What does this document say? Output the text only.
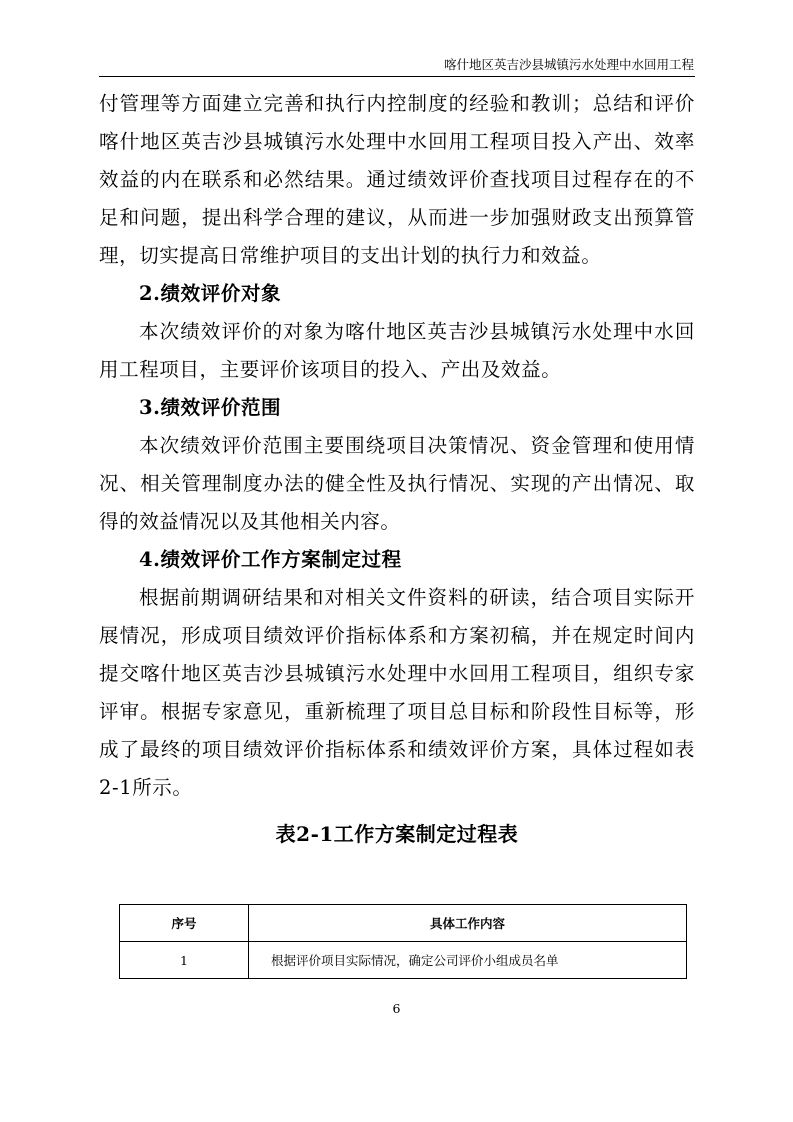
喀什地区英吉沙县城镇污水处理中水回用工程

付管理等方面建立完善和执行内控制度的经验和教训；总结和评价喀什地区英吉沙县城镇污水处理中水回用工程项目投入产出、效率效益的内在联系和必然结果。通过绩效评价查找项目过程存在的不足和问题，提出科学合理的建议，从而进一步加强财政支出预算管理，切实提高日常维护项目的支出计划的执行力和效益。

2.绩效评价对象

本次绩效评价的对象为喀什地区英吉沙县城镇污水处理中水回用工程项目，主要评价该项目的投入、产出及效益。

3.绩效评价范围

本次绩效评价范围主要围绕项目决策情况、资金管理和使用情况、相关管理制度办法的健全性及执行情况、实现的产出情况、取得的效益情况以及其他相关内容。

4.绩效评价工作方案制定过程

根据前期调研结果和对相关文件资料的研读，结合项目实际开展情况，形成项目绩效评价指标体系和方案初稿，并在规定时间内提交喀什地区英吉沙县城镇污水处理中水回用工程项目，组织专家评审。根据专家意见，重新梳理了项目总目标和阶段性目标等，形成了最终的项目绩效评价指标体系和绩效评价方案，具体过程如表2-1所示。

表2-1工作方案制定过程表

序号	具体工作内容
1	根据评价项目实际情况，确定公司评价小组成员名单
6
